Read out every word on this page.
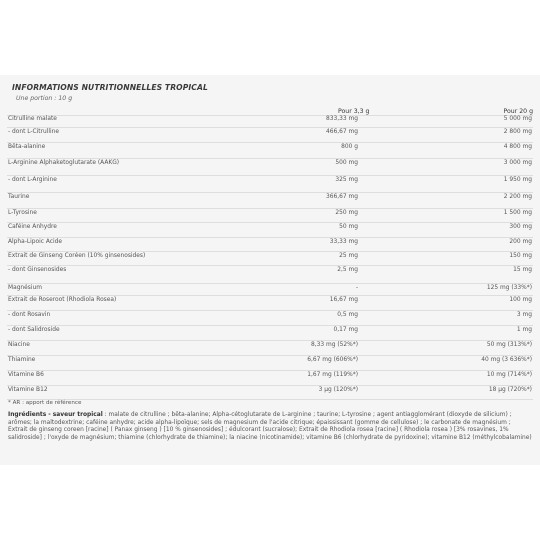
INFORMATIONS NUTRITIONNELLES TROPICAL
Une portion : 10 g
Pour 3,3 g	Pour 20 g
Citrulline malate	833,33 mg	5 000 mg
- dont L-Citrulline	466,67 mg	2 800 mg
Bêta-alanine	800 g	4 800 mg
L-Arginine Alphaketoglutarate (AAKG)	500 mg	3 000 mg
- dont L-Arginine	325 mg	1 950 mg
Taurine	366,67 mg	2 200 mg
L-Tyrosine	250 mg	1 500 mg
Caféine Anhydre	50 mg	300 mg
Alpha-Lipoic Acide	33,33 mg	200 mg
Extrait de Ginseng Coréen (10% ginsenosides)	25 mg	150 mg
- dont Ginsenosides	2,5 mg	15 mg
Magnésium	-	125 mg (33%*)
Extrait de Roseroot (Rhodiola Rosea)	16,67 mg	100 mg
- dont Rosavin	0,5 mg	3 mg
- dont Salidroside	0,17 mg	1 mg
Niacine	8,33 mg (52%*)	50 mg (313%*)
Thiamine	6,67 mg (606%*)	40 mg (3 636%*)
Vitamine B6	1,67 mg (119%*)	10 mg (714%*)
Vitamine B12	3 µg (120%*)	18 µg (720%*)
* AR : apport de référence
Ingrédients - saveur tropical : malate de citrulline ; bêta-alanine; Alpha-cétoglutarate de L-arginine ; taurine; L-tyrosine ; agent antiagglomérant (dioxyde de silicium) ; arômes; la maltodextrine; caféine anhydre; acide alpha-lipoïque; sels de magnesium de l'acide citrique; épaississant (gomme de cellulose) ; le carbonate de magnésium ; Extrait de ginseng coreen [racine] ( Panax ginseng ) [10 % ginsenosides] ; édulcorant (sucralose); Extrait de Rhodiola rosea [racine] ( Rhodiola rosea ) [3% rosavines, 1% salidroside] ; l'oxyde de magnésium; thiamine (chlorhydrate de thiamine); la niacine (nicotinamide); vitamine B6 (chlorhydrate de pyridoxine); vitamine B12 (méthylcobalamine)
